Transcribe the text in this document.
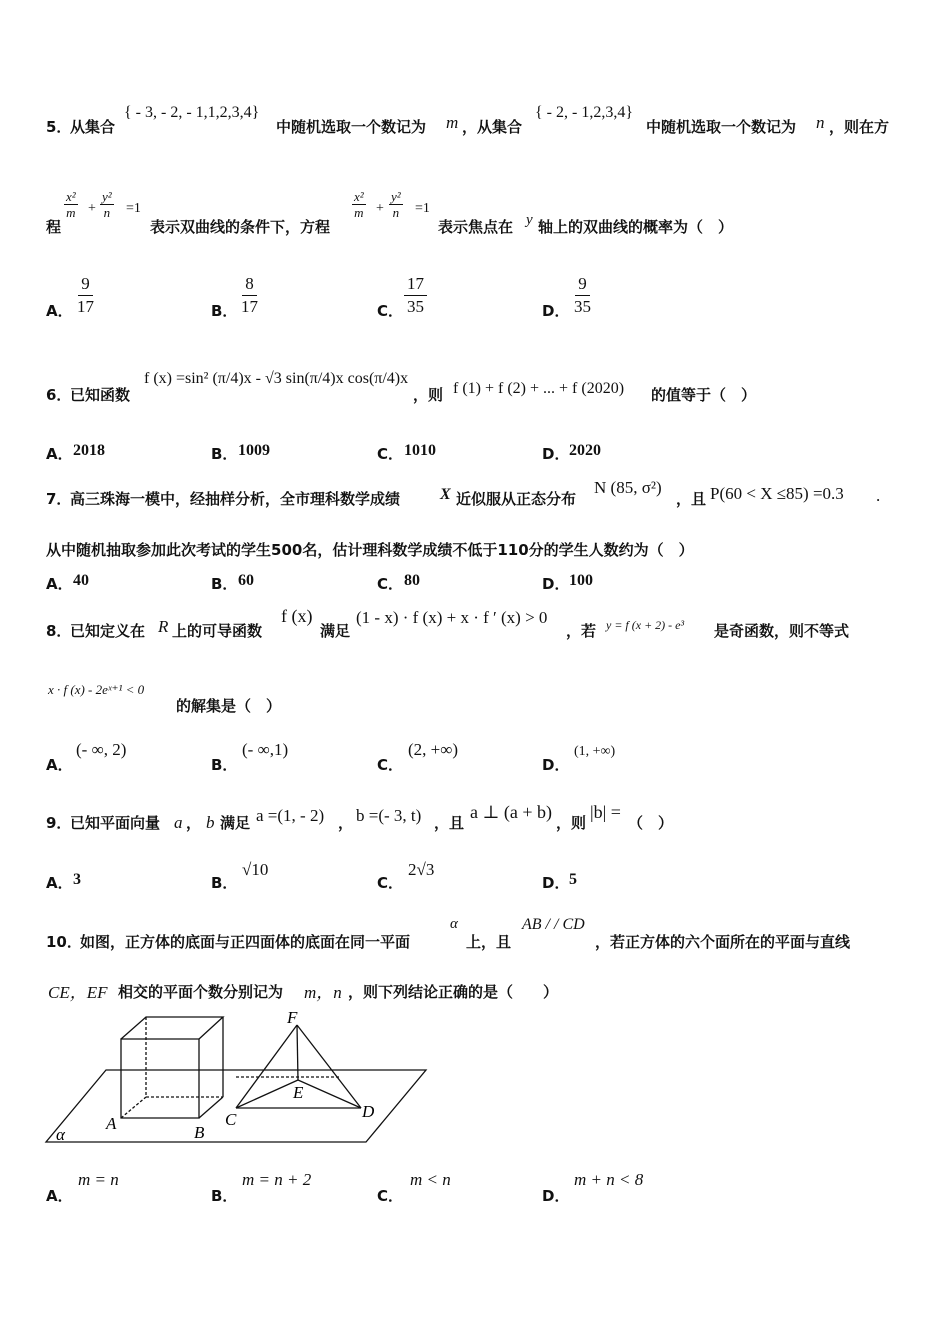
5．
从集合
{ - 3, - 2, - 1,1,2,3,4}
中随机选取一个数记为 m ，从集合
{ - 2, - 1,2,3,4}
中随机选取一个数记为 n ，则在方
程
$\frac{\text{x²}}{m} + \frac{\text{y²}}{n} =1$
表示双曲线的条件下，方程
$\frac{\text{x²}}{m} + \frac{\text{y²}}{n} =1$
表示焦点在 y 轴上的双曲线的概率为（　）
A． $\frac{9}{17}$	B． $\frac{8}{17}$	C． $\frac{17}{35}$	D． $\frac{9}{35}$
6．
已知函数
f (x) =sin² (π/4)x - √3 sin(π/4)x cos(π/4)x
，则 f (1) + f (2) + ... + f (2020) 的值等于（　）
A． 2018	B． 1009	C． 1010	D． 2020
7．
高三珠海一模中，经抽样分析，全市理科数学成绩 X 近似服从正态分布
N (85, σ²)
，且 P(60 < X ≤85) =0.3 .
从中随机抽取参加此次考试的学生500名，估计理科数学成绩不低于110分的学生人数约为（　）
A． 40	B． 60	C． 80	D． 100
8．
已知定义在 R 上的可导函数
f (x)
满足
(1 - x) · f (x) + x · f ′ (x) > 0
，若 y = f (x + 2) - e³ 是奇函数，则不等式
x · f (x) - 2eˣ⁺¹ < 0
的解集是（　）
A．
(- ∞, 2)
B．
(- ∞,1)
C．
(2, +∞)
D．
(1, +∞)
9．
已知平面向量 a ， b 满足 a =(1, - 2) ， b =(- 3, t) ，且
a ⊥ (a + b)
，则
|b| =
（　）
A． 3	B．
√10
C．
2√3
D． 5
10．
如图，正方体的底面与正四面体的底面在同一平面
α
上，且
AB / / CD
，若正方体的六个面所在的平面与直线
CE，EF 相交的平面个数分别记为 m，n ，则下列结论正确的是（　　）
A	B
C	D
E
F
α
A．
m = n
B．
m = n + 2
C．
m < n
D．
m + n < 8
